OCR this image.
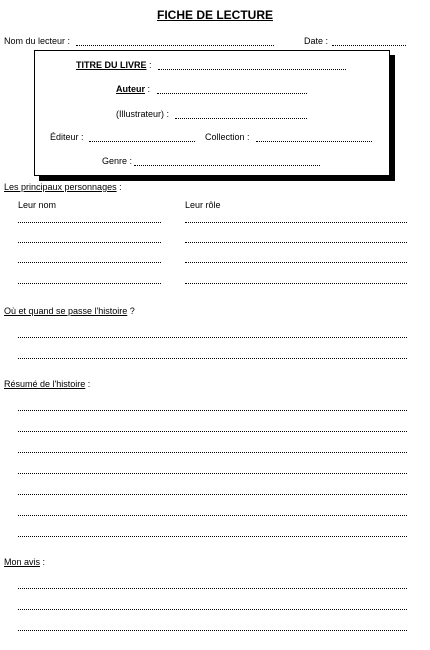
FICHE DE LECTURE
Nom du lecteur :	Date :
TITRE DU LIVRE :
Auteur :
(Illustrateur) :
Éditeur :	Collection :
Genre :
Les principaux personnages :
Leur nom	Leur rôle
Où et quand se passe l'histoire ?
Résumé de l'histoire :
Mon avis :
